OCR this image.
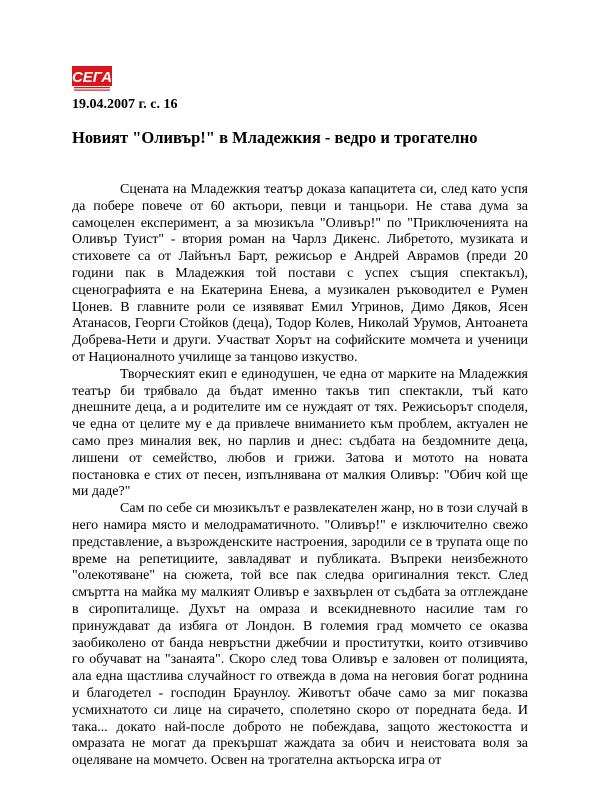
СЕГА
19.04.2007 г. с. 16
Новият "Оливър!" в Младежкия - ведро и трогателно

Сцената на Младежкия театър доказа капацитета си, след като успя да побере повече от 60 актьори, певци и танцьори. Не става дума за самоцелен експеримент, а за мюзикъла "Оливър!" по "Приключенията на Оливър Туист" - втория роман на Чарлз Дикенс. Либретото, музиката и стиховете са от Лайънъл Барт, режисьор е Андрей Аврамов (преди 20 години пак в Младежкия той постави с успех същия спектакъл), сценографията е на Екатерина Енева, а музикален ръководител е Румен Цонев. В главните роли се изявяват Емил Угринов, Димо Дяков, Ясен Атанасов, Георги Стойков (деца), Тодор Колев, Николай Урумов, Антоанета Добрева-Нети и други. Участват Хорът на софийските момчета и ученици от Националното училище за танцово изкуство.

Творческият екип е единодушен, че една от марките на Младежкия театър би трябвало да бъдат именно такъв тип спектакли, тъй като днешните деца, а и родителите им се нуждаят от тях. Режисьорът споделя, че една от целите му е да привлече вниманието към проблем, актуален не само през миналия век, но парлив и днес: съдбата на бездомните деца, лишени от семейство, любов и грижи. Затова и мотото на новата постановка е стих от песен, изпълнявана от малкия Оливър: "Обич кой ще ми даде?"

Сам по себе си мюзикълът е развлекателен жанр, но в този случай в него намира място и мелодраматичното. "Оливър!" е изключително свежо представление, а възрожденските настроения, зародили се в трупата още по време на репетициите, завладяват и публиката. Въпреки неизбежното "олекотяване" на сюжета, той все пак следва оригиналния текст. След смъртта на майка му малкият Оливър е захвърлен от съдбата за отглеждане в сиропиталище. Духът на омраза и всекидневното насилие там го принуждават да избяга от Лондон. В големия град момчето се оказва заобиколено от банда невръстни джебчии и проститутки, които отзивчиво го обучават на "занаята". Скоро след това Оливър е заловен от полицията, ала една щастлива случайност го отвежда в дома на неговия богат роднина и благодетел - господин Браунлоу. Животът обаче само за миг показва усмихнатото си лице на сирачето, сполетяно скоро от поредната беда. И така... докато най-после доброто не побеждава, защото жестокостта и омразата не могат да прекършат жаждата за обич и неистовата воля за оцеляване на момчето. Освен на трогателна актьорска игра от
